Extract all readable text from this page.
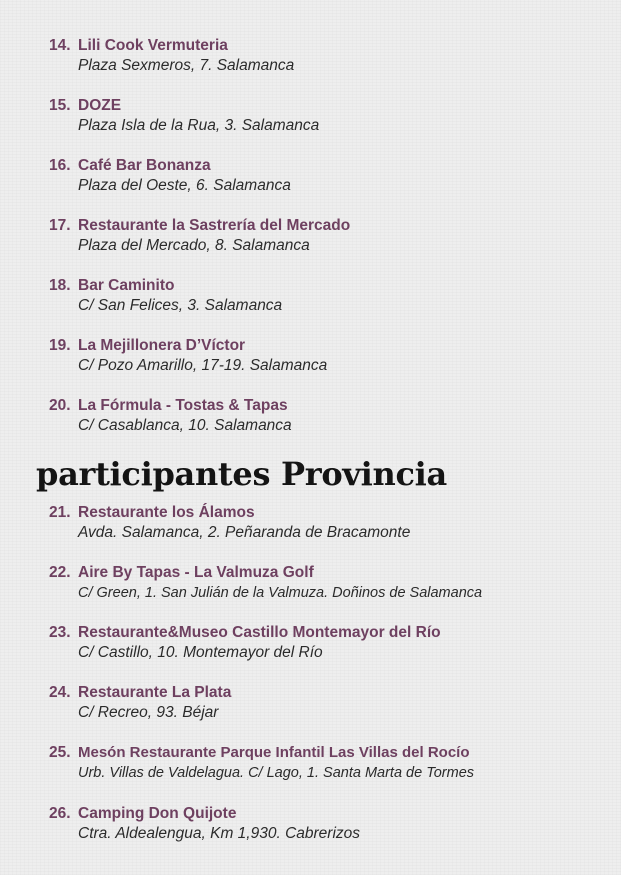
14. Lili Cook Vermuteria
Plaza Sexmeros, 7. Salamanca
15. DOZE
Plaza Isla de la Rua, 3. Salamanca
16. Café Bar Bonanza
Plaza del Oeste, 6. Salamanca
17. Restaurante la Sastrería del Mercado
Plaza del Mercado, 8. Salamanca
18. Bar Caminito
C/ San Felices, 3. Salamanca
19. La Mejillonera D’Víctor
C/ Pozo Amarillo, 17-19. Salamanca
20. La Fórmula - Tostas & Tapas
C/ Casablanca, 10. Salamanca
participantes Provincia
21. Restaurante los Álamos
Avda. Salamanca, 2. Peñaranda de Bracamonte
22. Aire By Tapas - La Valmuza Golf
C/ Green, 1. San Julián de la Valmuza. Doñinos de Salamanca
23. Restaurante&Museo Castillo Montemayor del Río
C/ Castillo, 10. Montemayor del Río
24. Restaurante La Plata
C/ Recreo, 93. Béjar
25. Mesón Restaurante Parque Infantil Las Villas del Rocío
Urb. Villas de Valdelagua. C/ Lago, 1. Santa Marta de Tormes
26. Camping Don Quijote
Ctra. Aldealengua, Km 1,930. Cabrerizos
